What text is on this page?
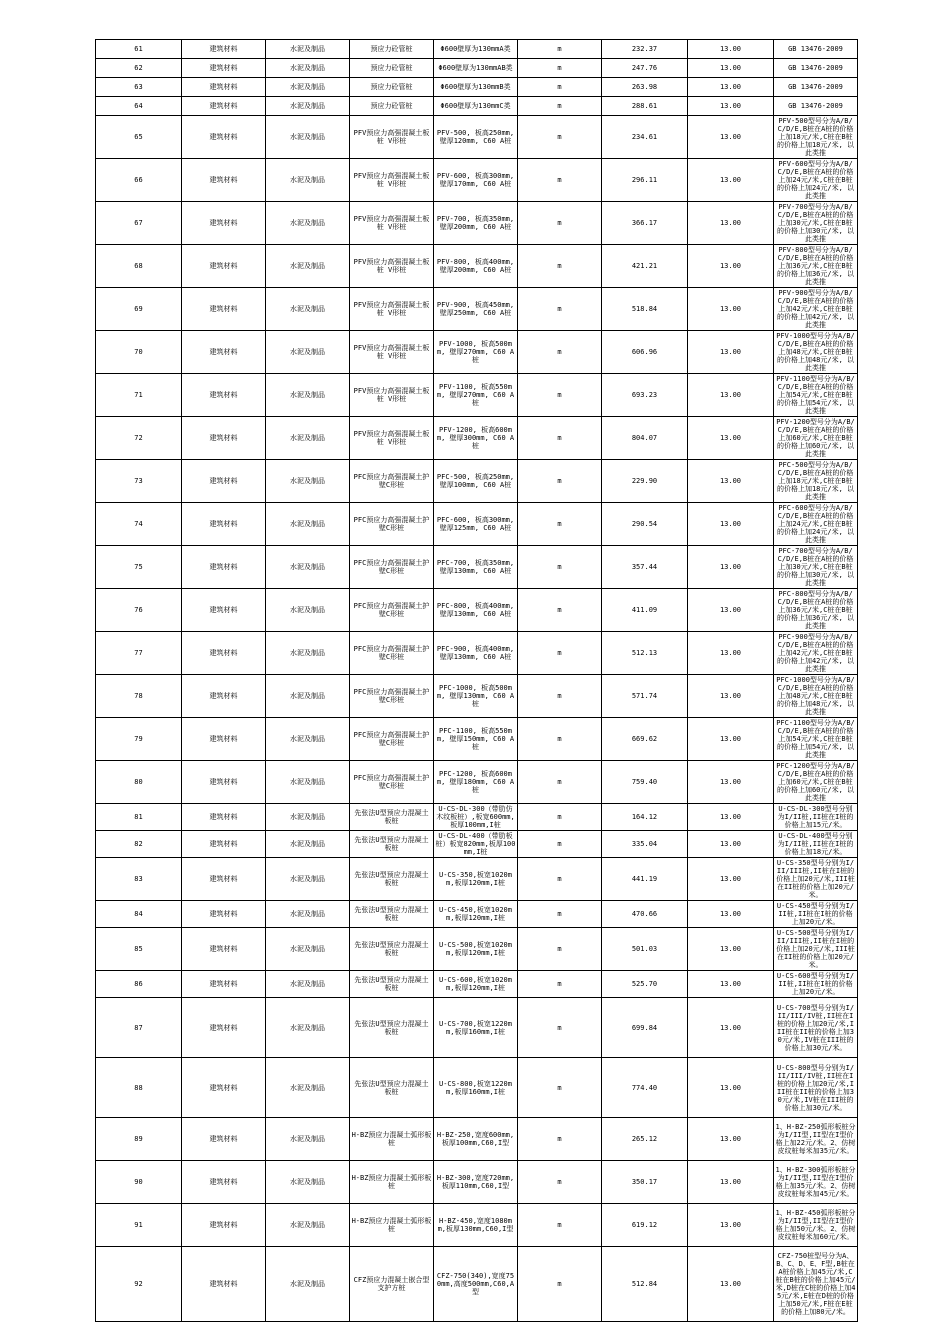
61	建筑材料	水泥及制品	预应力砼管桩	Φ600壁厚为130mmA类	m	232.37	13.00	GB 13476-2009
62	建筑材料	水泥及制品	预应力砼管桩	Φ600壁厚为130mmAB类	m	247.76	13.00	GB 13476-2009
63	建筑材料	水泥及制品	预应力砼管桩	Φ600壁厚为130mmB类	m	263.98	13.00	GB 13476-2009
64	建筑材料	水泥及制品	预应力砼管桩	Φ600壁厚为130mmC类	m	288.61	13.00	GB 13476-2009
65	建筑材料	水泥及制品	PFV预应力高强混凝土板桩 V形桩	PFV-500, 板高250mm,壁厚120mm, C60 A桩	m	234.61	13.00	PFV-500型号分为A/B/C/D/E,B桩在A桩的价格上加18元/米,C桩在B桩的价格上加18元/米, 以此类推
66	建筑材料	水泥及制品	PFV预应力高强混凝土板桩 V形桩	PFV-600, 板高300mm, 壁厚170mm, C60 A桩	m	296.11	13.00	PFV-600型号分为A/B/C/D/E,B桩在A桩的价格上加24元/米,C桩在B桩的价格上加24元/米, 以此类推
67	建筑材料	水泥及制品	PFV预应力高强混凝土板桩 V形桩	PFV-700, 板高350mm, 壁厚200mm, C60 A桩	m	366.17	13.00	PFV-700型号分为A/B/C/D/E,B桩在A桩的价格上加30元/米,C桩在B桩的价格上加30元/米, 以此类推
68	建筑材料	水泥及制品	PFV预应力高强混凝土板桩 V形桩	PFV-800, 板高400mm, 壁厚200mm, C60 A桩	m	421.21	13.00	PFV-800型号分为A/B/C/D/E,B桩在A桩的价格上加36元/米,C桩在B桩的价格上加36元/米, 以此类推
69	建筑材料	水泥及制品	PFV预应力高强混凝土板桩 V形桩	PFV-900, 板高450mm, 壁厚250mm, C60 A桩	m	518.84	13.00	PFV-900型号分为A/B/C/D/E,B桩在A桩的价格上加42元/米,C桩在B桩的价格上加42元/米, 以此类推
70	建筑材料	水泥及制品	PFV预应力高强混凝土板桩 V形桩	PFV-1000, 板高500mm, 壁厚270mm, C60 A桩	m	606.96	13.00	PFV-1000型号分为A/B/C/D/E,B桩在A桩的价格上加48元/米,C桩在B桩的价格上加48元/米, 以此类推
71	建筑材料	水泥及制品	PFV预应力高强混凝土板桩 V形桩	PFV-1100, 板高550mm, 壁厚270mm, C60 A桩	m	693.23	13.00	PFV-1100型号分为A/B/C/D/E,B桩在A桩的价格上加54元/米,C桩在B桩的价格上加54元/米, 以此类推
72	建筑材料	水泥及制品	PFV预应力高强混凝土板桩 V形桩	PFV-1200, 板高600mm, 壁厚300mm, C60 A桩	m	804.07	13.00	PFV-1200型号分为A/B/C/D/E,B桩在A桩的价格上加60元/米,C桩在B桩的价格上加60元/米, 以此类推
73	建筑材料	水泥及制品	PFC预应力高强混凝土护壁C形桩	PFC-500, 板高250mm,壁厚100mm, C60 A桩	m	229.90	13.00	PFC-500型号分为A/B/C/D/E,B桩在A桩的价格上加18元/米,C桩在B桩的价格上加18元/米, 以此类推
74	建筑材料	水泥及制品	PFC预应力高强混凝土护壁C形桩	PFC-600, 板高300mm, 壁厚125mm, C60 A桩	m	290.54	13.00	PFC-600型号分为A/B/C/D/E,B桩在A桩的价格上加24元/米,C桩在B桩的价格上加24元/米, 以此类推
75	建筑材料	水泥及制品	PFC预应力高强混凝土护壁C形桩	PFC-700, 板高350mm, 壁厚130mm, C60 A桩	m	357.44	13.00	PFC-700型号分为A/B/C/D/E,B桩在A桩的价格上加30元/米,C桩在B桩的价格上加30元/米, 以此类推
76	建筑材料	水泥及制品	PFC预应力高强混凝土护壁C形桩	PFC-800, 板高400mm, 壁厚130mm, C60 A桩	m	411.09	13.00	PFC-800型号分为A/B/C/D/E,B桩在A桩的价格上加36元/米,C桩在B桩的价格上加36元/米, 以此类推
77	建筑材料	水泥及制品	PFC预应力高强混凝土护壁C形桩	PFC-900, 板高400mm, 壁厚130mm, C60 A桩	m	512.13	13.00	PFC-900型号分为A/B/C/D/E,B桩在A桩的价格上加42元/米,C桩在B桩的价格上加42元/米, 以此类推
78	建筑材料	水泥及制品	PFC预应力高强混凝土护壁C形桩	PFC-1000, 板高500mm, 壁厚130mm, C60 A桩	m	571.74	13.00	PFC-1000型号分为A/B/C/D/E,B桩在A桩的价格上加48元/米,C桩在B桩的价格上加48元/米, 以此类推
79	建筑材料	水泥及制品	PFC预应力高强混凝土护壁C形桩	PFC-1100, 板高550mm, 壁厚150mm, C60 A桩	m	669.62	13.00	PFC-1100型号分为A/B/C/D/E,B桩在A桩的价格上加54元/米,C桩在B桩的价格上加54元/米, 以此类推
80	建筑材料	水泥及制品	PFC预应力高强混凝土护壁C形桩	PFC-1200, 板高600mm, 壁厚180mm, C60 A桩	m	759.40	13.00	PFC-1200型号分为A/B/C/D/E,B桩在A桩的价格上加60元/米,C桩在B桩的价格上加60元/米, 以此类推
81	建筑材料	水泥及制品	先张法U型预应力混凝土板桩	U-CS-DL-300（带肋仿木纹板桩）,板宽600mm,板厚100mm,I桩	m	164.12	13.00	U-CS-DL-300型号分别为I/II桩,II桩在I桩的价格上加15元/米。
82	建筑材料	水泥及制品	先张法U型预应力混凝土板桩	U-CS-DL-400（带肋板桩）板宽820mm,板厚100mm,I桩	m	335.04	13.00	U-CS-DL-400型号分别为I/II桩,II桩在I桩的价格上加18元/米。
83	建筑材料	水泥及制品	先张法U型预应力混凝土板桩	U-CS-350,板宽1020mm,板厚120mm,I桩	m	441.19	13.00	U-CS-350型号分别为I/II/III桩,II桩在I桩的价格上加20元/米,III桩在II桩的价格上加20元/米。
84	建筑材料	水泥及制品	先张法U型预应力混凝土板桩	U-CS-450,板宽1020mm,板厚120mm,I桩	m	470.66	13.00	U-CS-450型号分别为I/II桩,II桩在I桩的价格上加20元/米。
85	建筑材料	水泥及制品	先张法U型预应力混凝土板桩	U-CS-500,板宽1020mm,板厚120mm,I桩	m	501.03	13.00	U-CS-500型号分别为I/II/III桩,II桩在I桩的价格上加20元/米,III桩在II桩的价格上加20元/米。
86	建筑材料	水泥及制品	先张法U型预应力混凝土板桩	U-CS-600,板宽1020mm,板厚120mm,I桩	m	525.70	13.00	U-CS-600型号分别为I/II桩,II桩在I桩的价格上加20元/米。
87	建筑材料	水泥及制品	先张法U型预应力混凝土板桩	U-CS-700,板宽1220mm,板厚160mm,I桩	m	699.84	13.00	U-CS-700型号分别为I/II/III/IV桩,II桩在I桩的价格上加20元/米,III桩在II桩的价格上加30元/米,IV桩在III桩的价格上加30元/米。
88	建筑材料	水泥及制品	先张法U型预应力混凝土板桩	U-CS-800,板宽1220mm,板厚160mm,I桩	m	774.40	13.00	U-CS-800型号分别为I/II/III/IV桩,II桩在I桩的价格上加20元/米,III桩在II桩的价格上加30元/米,IV桩在III桩的价格上加30元/米。
89	建筑材料	水泥及制品	H-BZ预应力混凝土弧形板桩	H-BZ-250,宽度600mm,板厚100mm,C60,I型	m	265.12	13.00	1、H-BZ-250弧形板桩分为I/II型,II型在I型价格上加22元/米。2、仿树皮纹桩每米加35元/米。
90	建筑材料	水泥及制品	H-BZ预应力混凝土弧形板桩	H-BZ-300,宽度720mm,板厚110mm,C60,I型	m	350.17	13.00	1、H-BZ-300弧形板桩分为I/II型,II型在I型价格上加35元/米。2、仿树皮纹桩每米加45元/米。
91	建筑材料	水泥及制品	H-BZ预应力混凝土弧形板桩	H-BZ-450,宽度1080mm,板厚130mm,C60,I型	m	619.12	13.00	1、H-BZ-450弧形板桩分为I/II型,II型在I型价格上加50元/米。2、仿树皮纹桩每米加60元/米。
92	建筑材料	水泥及制品	CFZ预应力混凝土嵌合型支护方桩	CFZ-750(340),宽度750mm,高度500mm,C60,A型	m	512.84	13.00	CFZ-750桩型号分为A、B、C、D、E、F型,B桩在A桩价格上加45元/米,C桩在B桩的价格上加45元/米,D桩在C桩的价格上加45元/米,E桩在D桩的价格上加50元/米,F桩在E桩的价格上加80元/米。
